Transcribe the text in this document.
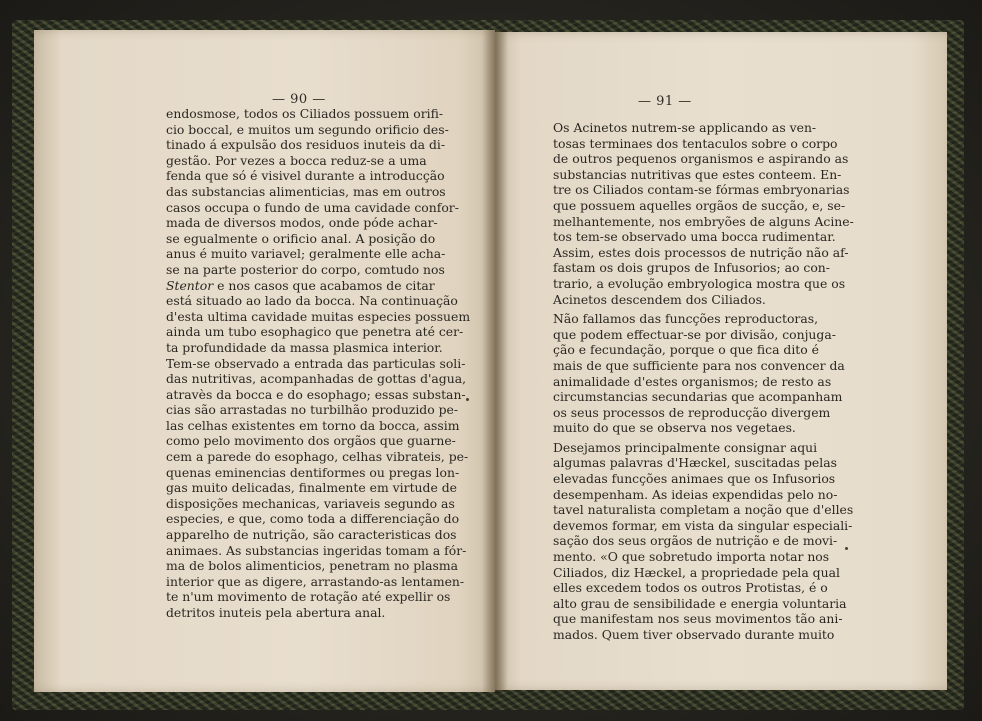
— 90 —
endosmose, todos os Ciliados possuem orifi-
cio boccal, e muitos um segundo orificio des-
tinado á expulsão dos residuos inuteis da di-
gestão. Por vezes a bocca reduz-se a uma
fenda que só é visivel durante a introducção
das substancias alimenticias, mas em outros
casos occupa o fundo de uma cavidade confor-
mada de diversos modos, onde póde achar-
se egualmente o orificio anal. A posição do
anus é muito variavel; geralmente elle acha-
se na parte posterior do corpo, comtudo nos
Stentor e nos casos que acabamos de citar
está situado ao lado da bocca. Na continuação
d'esta ultima cavidade muitas especies possuem
ainda um tubo esophagico que penetra até cer-
ta profundidade da massa plasmica interior.
Tem-se observado a entrada das particulas soli-
das nutritivas, acompanhadas de gottas d'agua,
atravès da bocca e do esophago; essas substan-
cias são arrastadas no turbilhão produzido pe-
las celhas existentes em torno da bocca, assim
como pelo movimento dos orgãos que guarne-
cem a parede do esophago, celhas vibrateis, pe-
quenas eminencias dentiformes ou pregas lon-
gas muito delicadas, finalmente em virtude de
disposições mechanicas, variaveis segundo as
especies, e que, como toda a differenciação do
apparelho de nutrição, são caracteristicas dos
animaes. As substancias ingeridas tomam a fór-
ma de bolos alimenticios, penetram no plasma
interior que as digere, arrastando-as lentamen-
te n'um movimento de rotação até expellir os
detritos inuteis pela abertura anal.
— 91 —
Os Acinetos nutrem-se applicando as ven-
tosas terminaes dos tentaculos sobre o corpo
de outros pequenos organismos e aspirando as
substancias nutritivas que estes conteem. En-
tre os Ciliados contam-se fórmas embryonarias
que possuem aquelles orgãos de sucção, e, se-
melhantemente, nos embryões de alguns Acine-
tos tem-se observado uma bocca rudimentar.
Assim, estes dois processos de nutrição não af-
fastam os dois grupos de Infusorios; ao con-
trario, a evolução embryologica mostra que os
Acinetos descendem dos Ciliados.
Não fallamos das funcções reproductoras,
que podem effectuar-se por divisão, conjuga-
ção e fecundação, porque o que fica dito é
mais de que sufficiente para nos convencer da
animalidade d'estes organismos; de resto as
circumstancias secundarias que acompanham
os seus processos de reproducção divergem
muito do que se observa nos vegetaes.
Desejamos principalmente consignar aqui
algumas palavras d'Hæckel, suscitadas pelas
elevadas funcções animaes que os Infusorios
desempenham. As ideias expendidas pelo no-
tavel naturalista completam a noção que d'elles
devemos formar, em vista da singular especiali-
sação dos seus orgãos de nutrição e de movi-
mento. «O que sobretudo importa notar nos
Ciliados, diz Hæckel, a propriedade pela qual
elles excedem todos os outros Protistas, é o
alto grau de sensibilidade e energia voluntaria
que manifestam nos seus movimentos tão ani-
mados. Quem tiver observado durante muito
